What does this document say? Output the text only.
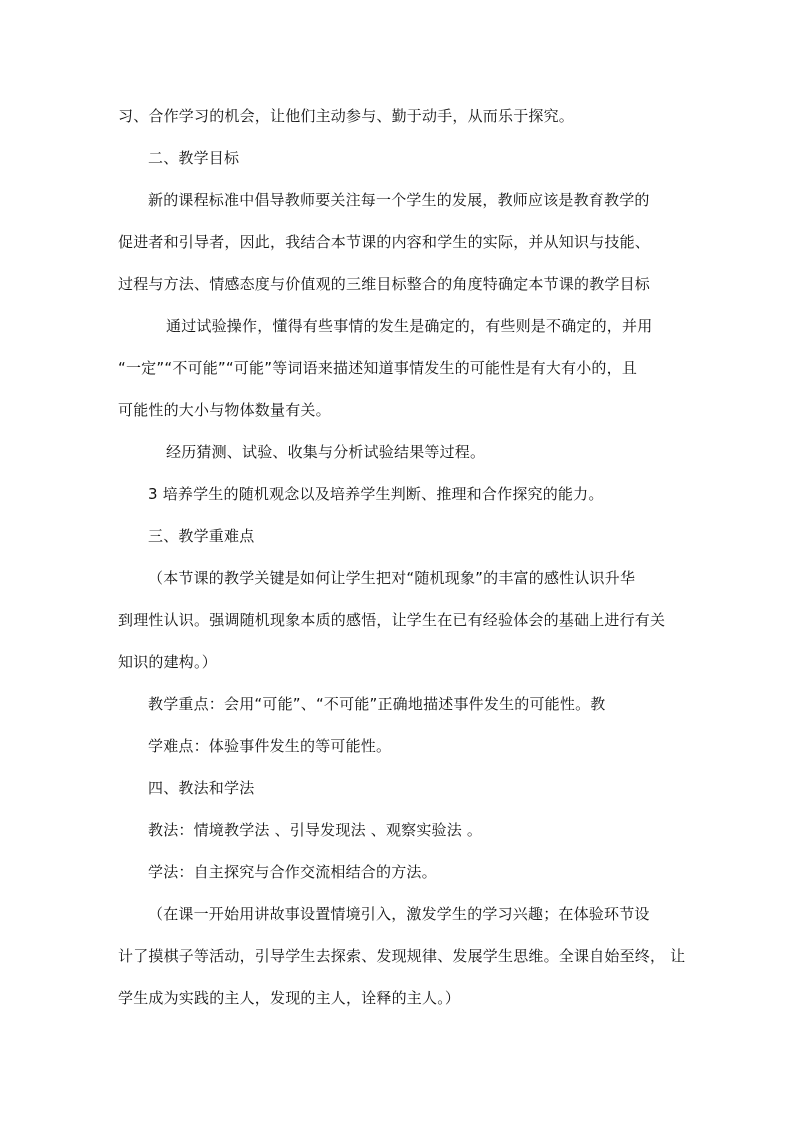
习、合作学习的机会，让他们主动参与、勤于动手，从而乐于探究。
二、教学目标
新的课程标准中倡导教师要关注每一个学生的发展，教师应该是教育教学的
促进者和引导者，因此，我结合本节课的内容和学生的实际，并从知识与技能、
过程与方法、情感态度与价值观的三维目标整合的角度特确定本节课的教学目标
通过试验操作，懂得有些事情的发生是确定的，有些则是不确定的，并用
“一定”“不可能”“可能”等词语来描述知道事情发生的可能性是有大有小的，且
可能性的大小与物体数量有关。
经历猜测、试验、收集与分析试验结果等过程。
3 培养学生的随机观念以及培养学生判断、推理和合作探究的能力。
三、教学重难点
（本节课的教学关键是如何让学生把对“随机现象”的丰富的感性认识升华
到理性认识。强调随机现象本质的感悟，让学生在已有经验体会的基础上进行有关
知识的建构。）
教学重点：会用“可能”、“不可能”正确地描述事件发生的可能性。教
学难点：体验事件发生的等可能性。
四、教法和学法
教法：情境教学法 、引导发现法 、观察实验法 。
学法：自主探究与合作交流相结合的方法。
（在课一开始用讲故事设置情境引入，激发学生的学习兴趣；在体验环节设
计了摸棋子等活动，引导学生去探索、发现规律、发展学生思维。全课自始至终， 让
学生成为实践的主人，发现的主人，诠释的主人。）
